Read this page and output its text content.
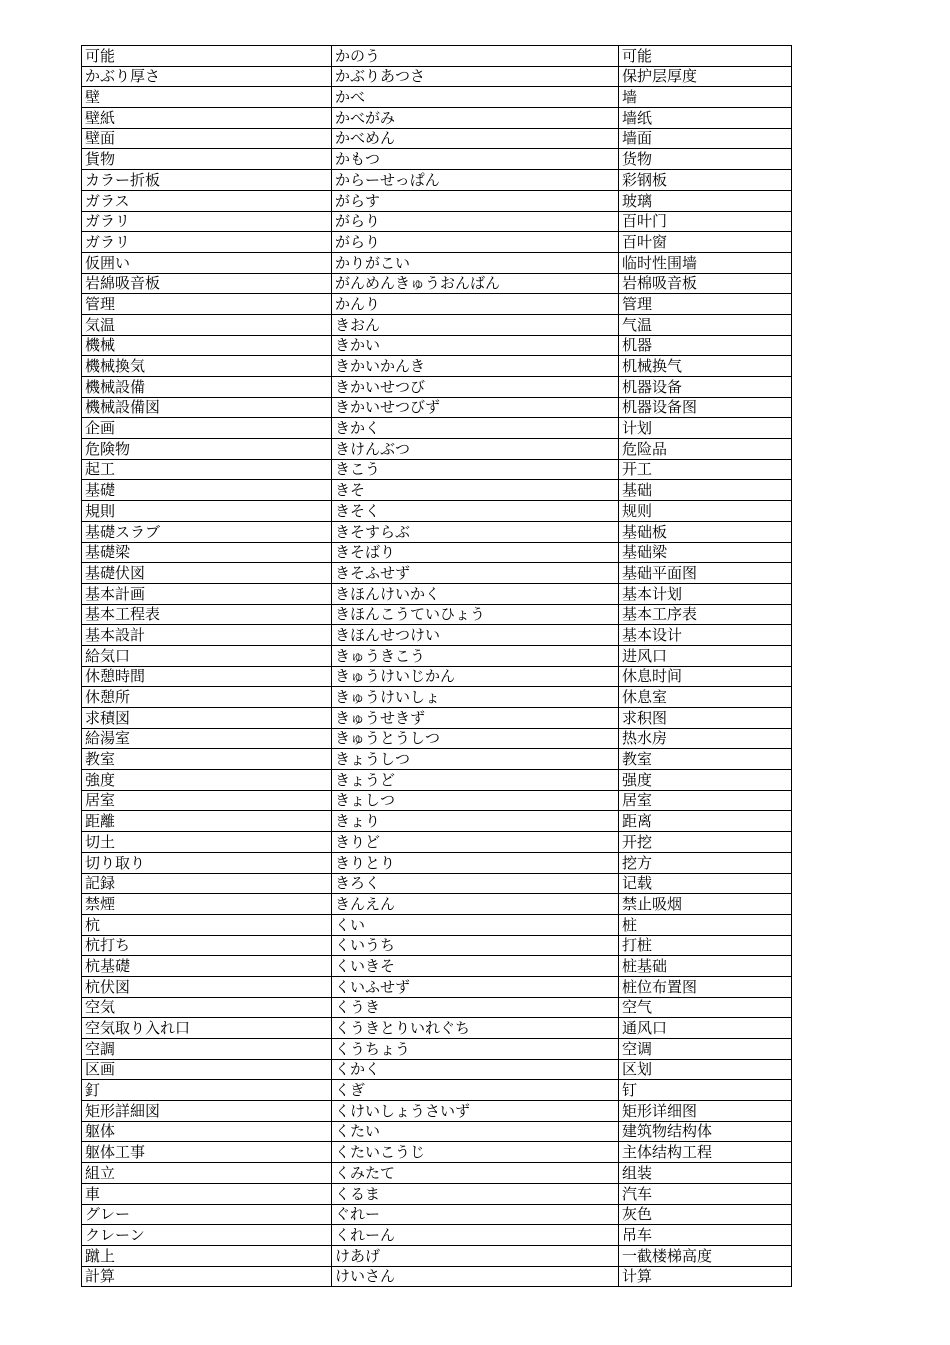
可能	かのう	可能
かぶり厚さ	かぶりあつさ	保护层厚度
壁	かべ	墙
壁紙	かべがみ	墙纸
壁面	かべめん	墙面
貨物	かもつ	货物
カラー折板	からーせっぱん	彩钢板
ガラス	がらす	玻璃
ガラリ	がらり	百叶门
ガラリ	がらり	百叶窗
仮囲い	かりがこい	临时性围墙
岩綿吸音板	がんめんきゅうおんばん	岩棉吸音板
管理	かんり	管理
気温	きおん	气温
機械	きかい	机器
機械換気	きかいかんき	机械换气
機械設備	きかいせつび	机器设备
機械設備図	きかいせつびず	机器设备图
企画	きかく	计划
危険物	きけんぶつ	危险品
起工	きこう	开工
基礎	きそ	基础
規則	きそく	规则
基礎スラブ	きそすらぶ	基础板
基礎梁	きそばり	基础梁
基礎伏図	きそふせず	基础平面图
基本計画	きほんけいかく	基本计划
基本工程表	きほんこうていひょう	基本工序表
基本設計	きほんせつけい	基本设计
給気口	きゅうきこう	进风口
休憩時間	きゅうけいじかん	休息时间
休憩所	きゅうけいしょ	休息室
求積図	きゅうせきず	求积图
給湯室	きゅうとうしつ	热水房
教室	きょうしつ	教室
強度	きょうど	强度
居室	きょしつ	居室
距離	きょり	距离
切土	きりど	开挖
切り取り	きりとり	挖方
記録	きろく	记载
禁煙	きんえん	禁止吸烟
杭	くい	桩
杭打ち	くいうち	打桩
杭基礎	くいきそ	桩基础
杭伏図	くいふせず	桩位布置图
空気	くうき	空气
空気取り入れ口	くうきとりいれぐち	通风口
空調	くうちょう	空调
区画	くかく	区划
釘	くぎ	钉
矩形詳細図	くけいしょうさいず	矩形详细图
躯体	くたい	建筑物结构体
躯体工事	くたいこうじ	主体结构工程
組立	くみたて	组装
車	くるま	汽车
グレー	ぐれー	灰色
クレーン	くれーん	吊车
蹴上	けあげ	一截楼梯高度
計算	けいさん	计算
